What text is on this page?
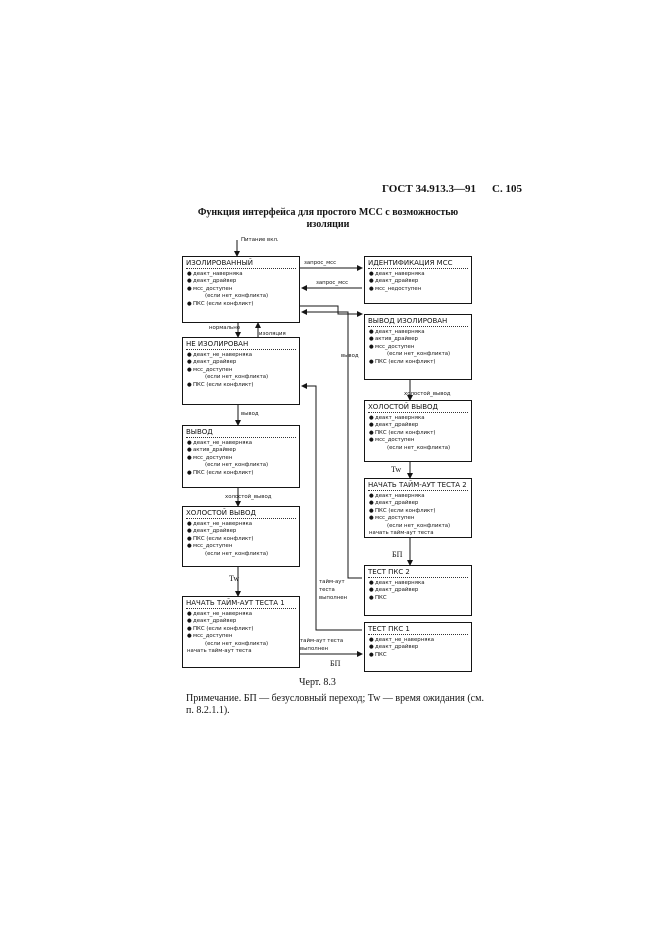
ГОСТ 34.913.3—91 С. 105
Функция интерфейса для простого МСС с возможностью
изоляции
Питание вкл.
ИЗОЛИРОВАННЫЙ
●деакт_наверняка
●деакт_драйвер
●мсс_доступен
(если нет_конфликта)
●ПКС (если конфликт)
ИДЕНТИФИКАЦИЯ МСС
●деакт_наверняка
●деакт_драйвер
●мсс_недоступен
НЕ ИЗОЛИРОВАН
●деакт_не_наверняка
●деакт_драйвер
●мсс_доступен
(если нет_конфликта)
●ПКС (если конфликт)
ВЫВОД ИЗОЛИРОВАН
●деакт_наверняка
●актив_драйвер
●мсс_доступен
(если нет_конфликта)
●ПКС (если конфликт)
ВЫВОД
●деакт_не_наверняка
●актив_драйвер
●мсс_доступен
(если нет_конфликта)
●ПКС (если конфликт)
ХОЛОСТОЙ ВЫВОД
●деакт_наверняка
●деакт_драйвер
●ПКС (если конфликт)
●мсс_доступен
(если нет_конфликта)
ХОЛОСТОЙ ВЫВОД
●деакт_не_наверняка
●деакт_драйвер
●ПКС (если конфликт)
●мсс_доступен
(если нет_конфликта)
НАЧАТЬ ТАЙМ-АУТ ТЕСТА 2
●деакт_наверняка
●деакт_драйвер
●ПКС (если конфликт)
●мсс_доступен
(если нет_конфликта)
начать тайм-аут теста
НАЧАТЬ ТАЙМ-АУТ ТЕСТА 1
●деакт_не_наверняка
●деакт_драйвер
●ПКС (если конфликт)
●мсс_доступен
(если нет_конфликта)
начать тайм-аут теста
ТЕСТ ПКС 2
●деакт_наверняка
●деакт_драйвер
●ПКС
ТЕСТ ПКС 1
●деакт_не_наверняка
●деакт_драйвер
●ПКС
запрос_мсс
запрос_мсс
нормально
изоляция
вывод
вывод
холостой_вывод
холостой_вывод
Tw
Tw
БП
БП
тайм-аут теста выполнен
тайм-аут теста выполнен
Черт. 8.3
Примечание. БП — безусловный переход; Tw — время ожидания (см. п. 8.2.1.1).
